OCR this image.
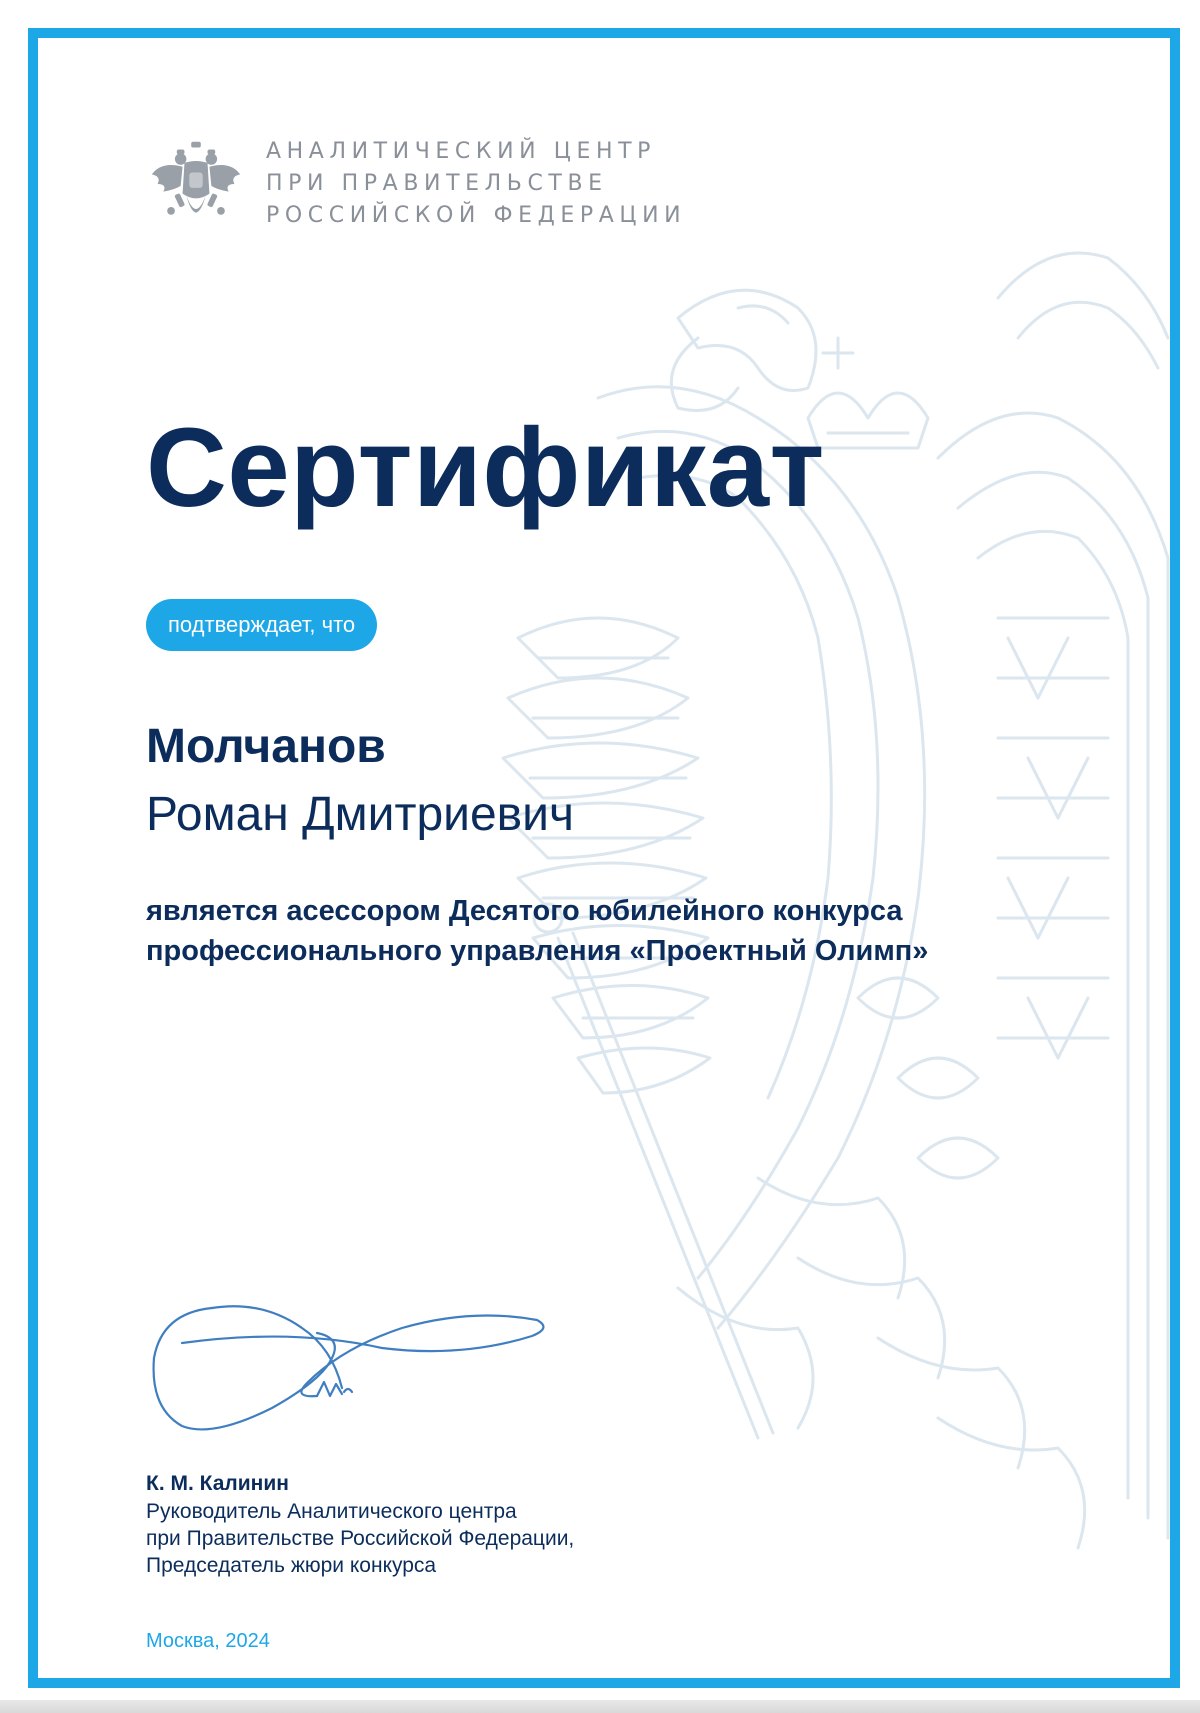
АНАЛИТИЧЕСКИЙ ЦЕНТР
ПРИ ПРАВИТЕЛЬСТВЕ
РОССИЙСКОЙ ФЕДЕРАЦИИ
Сертификат
подтверждает, что
Молчанов
Роман Дмитриевич
является асессором Десятого юбилейного конкурса
профессионального управления «Проектный Олимп»
К. М. Калинин
Руководитель Аналитического центра
при Правительстве Российской Федерации,
Председатель жюри конкурса
Москва, 2024
